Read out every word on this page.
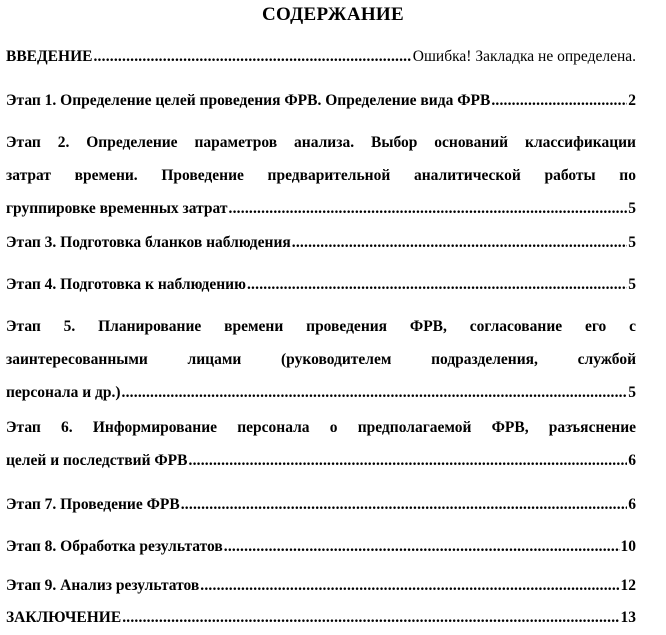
СОДЕРЖАНИЕ
ВВЕДЕНИЕ .....	Ошибка! Закладка не определена.
Этап 1. Определение целей проведения ФРВ. Определение вида ФРВ .....	2
Этап 2. Определение параметров анализа. Выбор оснований классификации
затрат времени. Проведение предварительной аналитической работы по
группировке временных затрат .....	5
Этап 3. Подготовка бланков наблюдения .....	5
Этап 4. Подготовка к наблюдению .....	5
Этап 5. Планирование времени проведения ФРВ, согласование его с
заинтересованными лицами (руководителем подразделения, службой
персонала и др.) .....	5
Этап 6. Информирование персонала о предполагаемой ФРВ, разъяснение
целей и последствий ФРВ .....	6
Этап 7. Проведение ФРВ .....	6
Этап 8. Обработка результатов .....	10
Этап 9. Анализ результатов .....	12
ЗАКЛЮЧЕНИЕ .....	13
